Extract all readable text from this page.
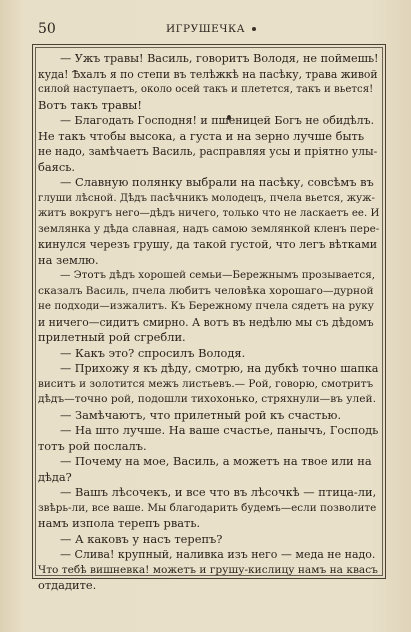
50	ИГРУШЕЧКА
— Ужъ травы! Василь, говоритъ Володя, не поймешь!
куда! Ѣхалъ я по степи въ телѣжкѣ на пасѣку, трава живой
силой наступаетъ, около осей такъ и плетется, такъ и вьется!
Вотъ такъ травы!
— Благодать Господня! и пшеницей Богъ не обидѣлъ.
Не такъ чтобы высока, а густа и на зерно лучше быть
не надо, замѣчаетъ Василь, расправляя усы и пріятно улы-
баясь.
— Славную полянку выбрали на пасѣку, совсѣмъ въ
глуши лѣсной. Дѣдъ пасѣчникъ молодецъ, пчела вьется, жуж-
житъ вокругъ него—дѣдъ ничего, только что не ласкаетъ ее. И
землянка у дѣда славная, надъ самою землянкой кленъ пере-
кинулся черезъ грушу, да такой густой, что легъ вѣтками
на землю.
— Этотъ дѣдъ хорошей семьи—Бережнымъ прозывается,
сказалъ Василь, пчела любитъ человѣка хорошаго—дурной
не подходи—изжалитъ. Къ Бережному пчела сядетъ на руку
и ничего—сидитъ смирно. А вотъ въ недѣлю мы съ дѣдомъ
прилетный рой сгребли.
— Какъ это? спросилъ Володя.
— Прихожу я къ дѣду, смотрю, на дубкѣ точно шапка
виситъ и золотится межъ листьевъ.— Рой, говорю, смотритъ
дѣдъ—точно рой, подошли тихохонько, стряхнули—въ улей.
— Замѣчаютъ, что прилетный рой къ счастью.
— На што лучше. На ваше счастье, панычъ, Господь
тотъ рой послалъ.
— Почему на мое, Василь, а можетъ на твое или на
дѣда?
— Вашъ лѣсочекъ, и все что въ лѣсочкѣ — птица-ли,
звѣрь-ли, все ваше. Мы благодарить будемъ—если позволите
намъ изпола терепъ рвать.
— А каковъ у насъ терепъ?
— Слива! крупный, наливка изъ него — меда не надо.
Что тебѣ вишневка! можетъ и грушу-кислицу намъ на квасъ
отдадите.
